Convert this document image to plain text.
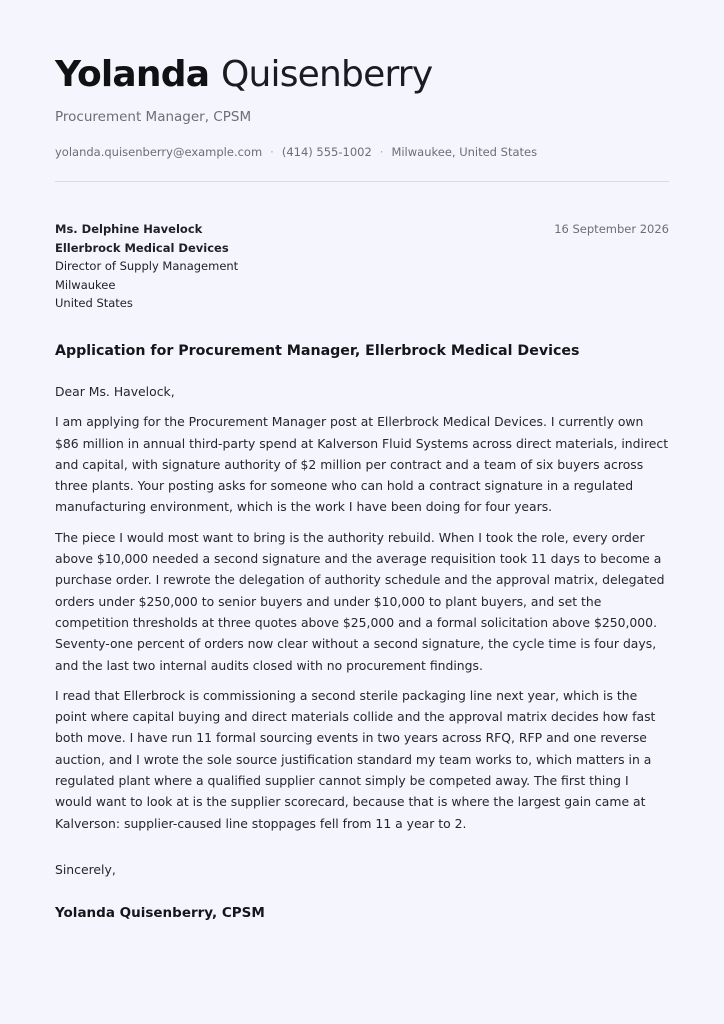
Yolanda Quisenberry
Procurement Manager, CPSM
yolanda.quisenberry@example.com · (414) 555-1002 · Milwaukee, United States
Ms. Delphine Havelock
Ellerbrock Medical Devices
Director of Supply Management
Milwaukee
United States
16 September 2026
Application for Procurement Manager, Ellerbrock Medical Devices

Dear Ms. Havelock,

I am applying for the Procurement Manager post at Ellerbrock Medical Devices. I currently own $86 million in annual third-party spend at Kalverson Fluid Systems across direct materials, indirect and capital, with signature authority of $2 million per contract and a team of six buyers across three plants. Your posting asks for someone who can hold a contract signature in a regulated manufacturing environment, which is the work I have been doing for four years.

The piece I would most want to bring is the authority rebuild. When I took the role, every order above $10,000 needed a second signature and the average requisition took 11 days to become a purchase order. I rewrote the delegation of authority schedule and the approval matrix, delegated orders under $250,000 to senior buyers and under $10,000 to plant buyers, and set the competition thresholds at three quotes above $25,000 and a formal solicitation above $250,000. Seventy-one percent of orders now clear without a second signature, the cycle time is four days, and the last two internal audits closed with no procurement findings.

I read that Ellerbrock is commissioning a second sterile packaging line next year, which is the point where capital buying and direct materials collide and the approval matrix decides how fast both move. I have run 11 formal sourcing events in two years across RFQ, RFP and one reverse auction, and I wrote the sole source justification standard my team works to, which matters in a regulated plant where a qualified supplier cannot simply be competed away. The first thing I would want to look at is the supplier scorecard, because that is where the largest gain came at Kalverson: supplier-caused line stoppages fell from 11 a year to 2.

Sincerely,
Yolanda Quisenberry, CPSM
